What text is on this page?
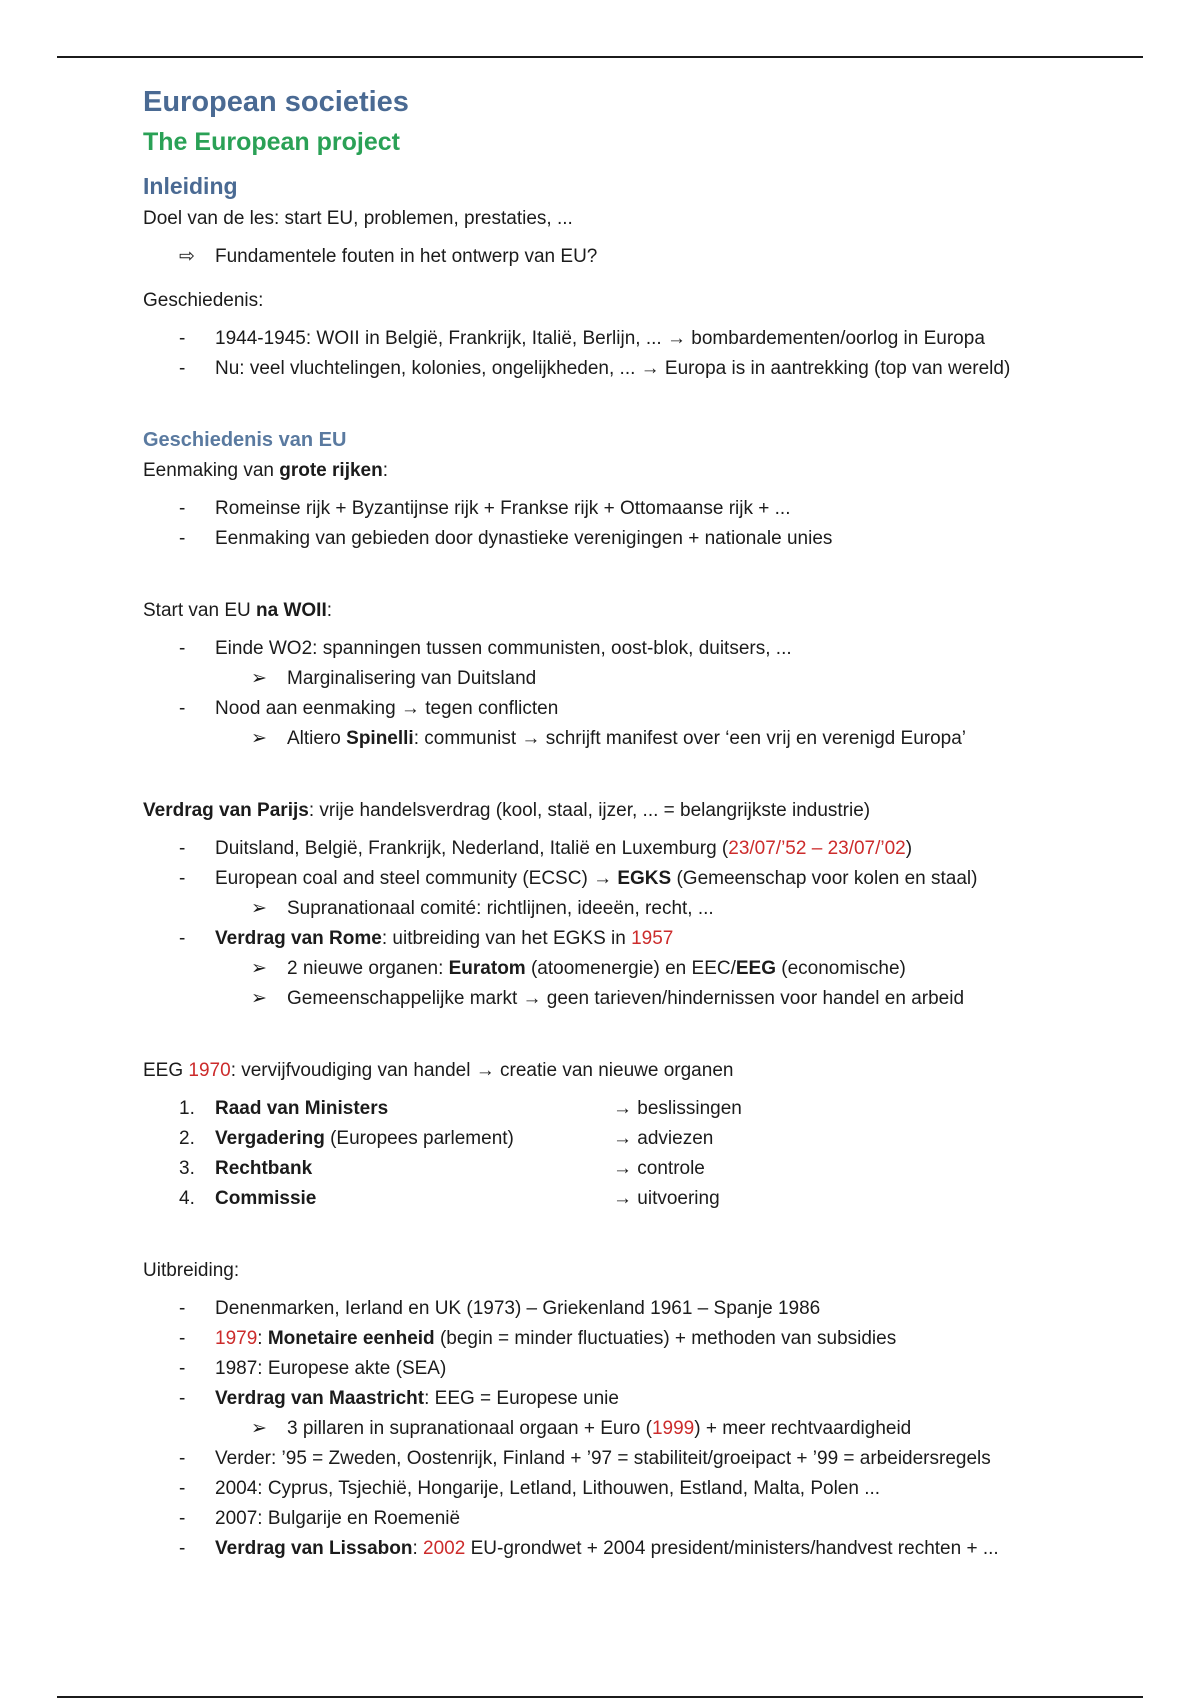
European societies
The European project
Inleiding

Doel van de les: start EU, problemen, prestaties, ...

⇨ Fundamentele fouten in het ontwerp van EU?

Geschiedenis:

- 1944-1945: WOII in België, Frankrijk, Italië, Berlijn, ... → bombardementen/oorlog in Europa
- Nu: veel vluchtelingen, kolonies, ongelijkheden, ... → Europa is in aantrekking (top van wereld)
Geschiedenis van EU

Eenmaking van grote rijken:

- Romeinse rijk + Byzantijnse rijk + Frankse rijk + Ottomaanse rijk + ...
- Eenmaking van gebieden door dynastieke verenigingen + nationale unies

Start van EU na WOII:

- Einde WO2: spanningen tussen communisten, oost-blok, duitsers, ...
➢ Marginalisering van Duitsland
- Nood aan eenmaking → tegen conflicten
➢ Altiero Spinelli: communist → schrijft manifest over ‘een vrij en verenigd Europa’

Verdrag van Parijs: vrije handelsverdrag (kool, staal, ijzer, ... = belangrijkste industrie)

- Duitsland, België, Frankrijk, Nederland, Italië en Luxemburg (23/07/’52 – 23/07/’02)
- European coal and steel community (ECSC) → EGKS (Gemeenschap voor kolen en staal)
➢ Supranationaal comité: richtlijnen, ideeën, recht, ...
- Verdrag van Rome: uitbreiding van het EGKS in 1957
➢ 2 nieuwe organen: Euratom (atoomenergie) en EEC/EEG (economische)
➢ Gemeenschappelijke markt → geen tarieven/hindernissen voor handel en arbeid

EEG 1970: vervijfvoudiging van handel → creatie van nieuwe organen

1. Raad van Ministers	→ beslissingen
2. Vergadering (Europees parlement)	→ adviezen
3. Rechtbank	→ controle
4. Commissie	→ uitvoering

Uitbreiding:

- Denenmarken, Ierland en UK (1973) – Griekenland 1961 – Spanje 1986
- 1979: Monetaire eenheid (begin = minder fluctuaties) + methoden van subsidies
- 1987: Europese akte (SEA)
- Verdrag van Maastricht: EEG = Europese unie
➢ 3 pillaren in supranationaal orgaan + Euro (1999) + meer rechtvaardigheid
- Verder: ’95 = Zweden, Oostenrijk, Finland + ’97 = stabiliteit/groeipact + ’99 = arbeidersregels
- 2004: Cyprus, Tsjechië, Hongarije, Letland, Lithouwen, Estland, Malta, Polen ...
- 2007: Bulgarije en Roemenië
- Verdrag van Lissabon: 2002 EU-grondwet + 2004 president/ministers/handvest rechten + ...
